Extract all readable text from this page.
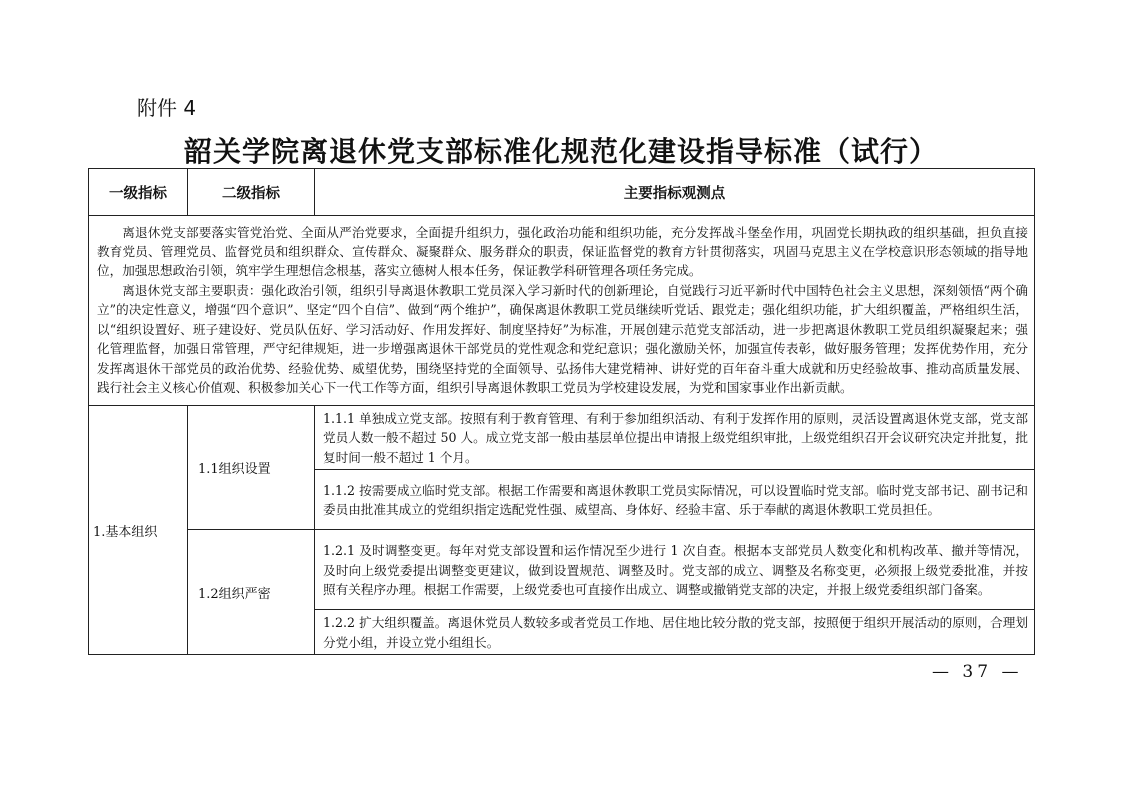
附件 4
韶关学院离退休党支部标准化规范化建设指导标准（试行）
一级指标	二级指标	主要指标观测点

离退休党支部要落实管党治党、全面从严治党要求，全面提升组织力，强化政治功能和组织功能，充分发挥战斗堡垒作用，巩固党长期执政的组织基础，担负直接教育党员、管理党员、监督党员和组织群众、宣传群众、凝聚群众、服务群众的职责，保证监督党的教育方针贯彻落实，巩固马克思主义在学校意识形态领域的指导地位，加强思想政治引领，筑牢学生理想信念根基，落实立德树人根本任务，保证教学科研管理各项任务完成。

离退休党支部主要职责：强化政治引领，组织引导离退休教职工党员深入学习新时代的创新理论，自觉践行习近平新时代中国特色社会主义思想，深刻领悟“两个确立”的决定性意义，增强“四个意识”、坚定“四个自信”、做到“两个维护”，确保离退休教职工党员继续听党话、跟党走；强化组织功能，扩大组织覆盖，严格组织生活，以“组织设置好、班子建设好、党员队伍好、学习活动好、作用发挥好、制度坚持好”为标准，开展创建示范党支部活动，进一步把离退休教职工党员组织凝聚起来；强化管理监督，加强日常管理，严守纪律规矩，进一步增强离退休干部党员的党性观念和党纪意识；强化激励关怀，加强宣传表彰，做好服务管理；发挥优势作用，充分发挥离退休干部党员的政治优势、经验优势、威望优势，围绕坚持党的全面领导、弘扬伟大建党精神、讲好党的百年奋斗重大成就和历史经验故事、推动高质量发展、践行社会主义核心价值观、积极参加关心下一代工作等方面，组织引导离退休教职工党员为学校建设发展，为党和国家事业作出新贡献。		

1.基本组织	1.1组织设置	1.1.1 单独成立党支部。按照有利于教育管理、有利于参加组织活动、有利于发挥作用的原则，灵活设置离退休党支部，党支部党员人数一般不超过 50 人。成立党支部一般由基层单位提出申请报上级党组织审批，上级党组织召开会议研究决定并批复，批复时间一般不超过 1 个月。
		1.1.2 按需要成立临时党支部。根据工作需要和离退休教职工党员实际情况，可以设置临时党支部。临时党支部书记、副书记和委员由批准其成立的党组织指定选配党性强、威望高、身体好、经验丰富、乐于奉献的离退休教职工党员担任。
	1.2组织严密	1.2.1 及时调整变更。每年对党支部设置和运作情况至少进行 1 次自查。根据本支部党员人数变化和机构改革、撤并等情况，及时向上级党委提出调整变更建议，做到设置规范、调整及时。党支部的成立、调整及名称变更，必须报上级党委批准，并按照有关程序办理。根据工作需要，上级党委也可直接作出成立、调整或撤销党支部的决定，并报上级党委组织部门备案。
		1.2.2 扩大组织覆盖。离退休党员人数较多或者党员工作地、居住地比较分散的党支部，按照便于组织开展活动的原则，合理划分党小组，并设立党小组组长。
— 37 —
